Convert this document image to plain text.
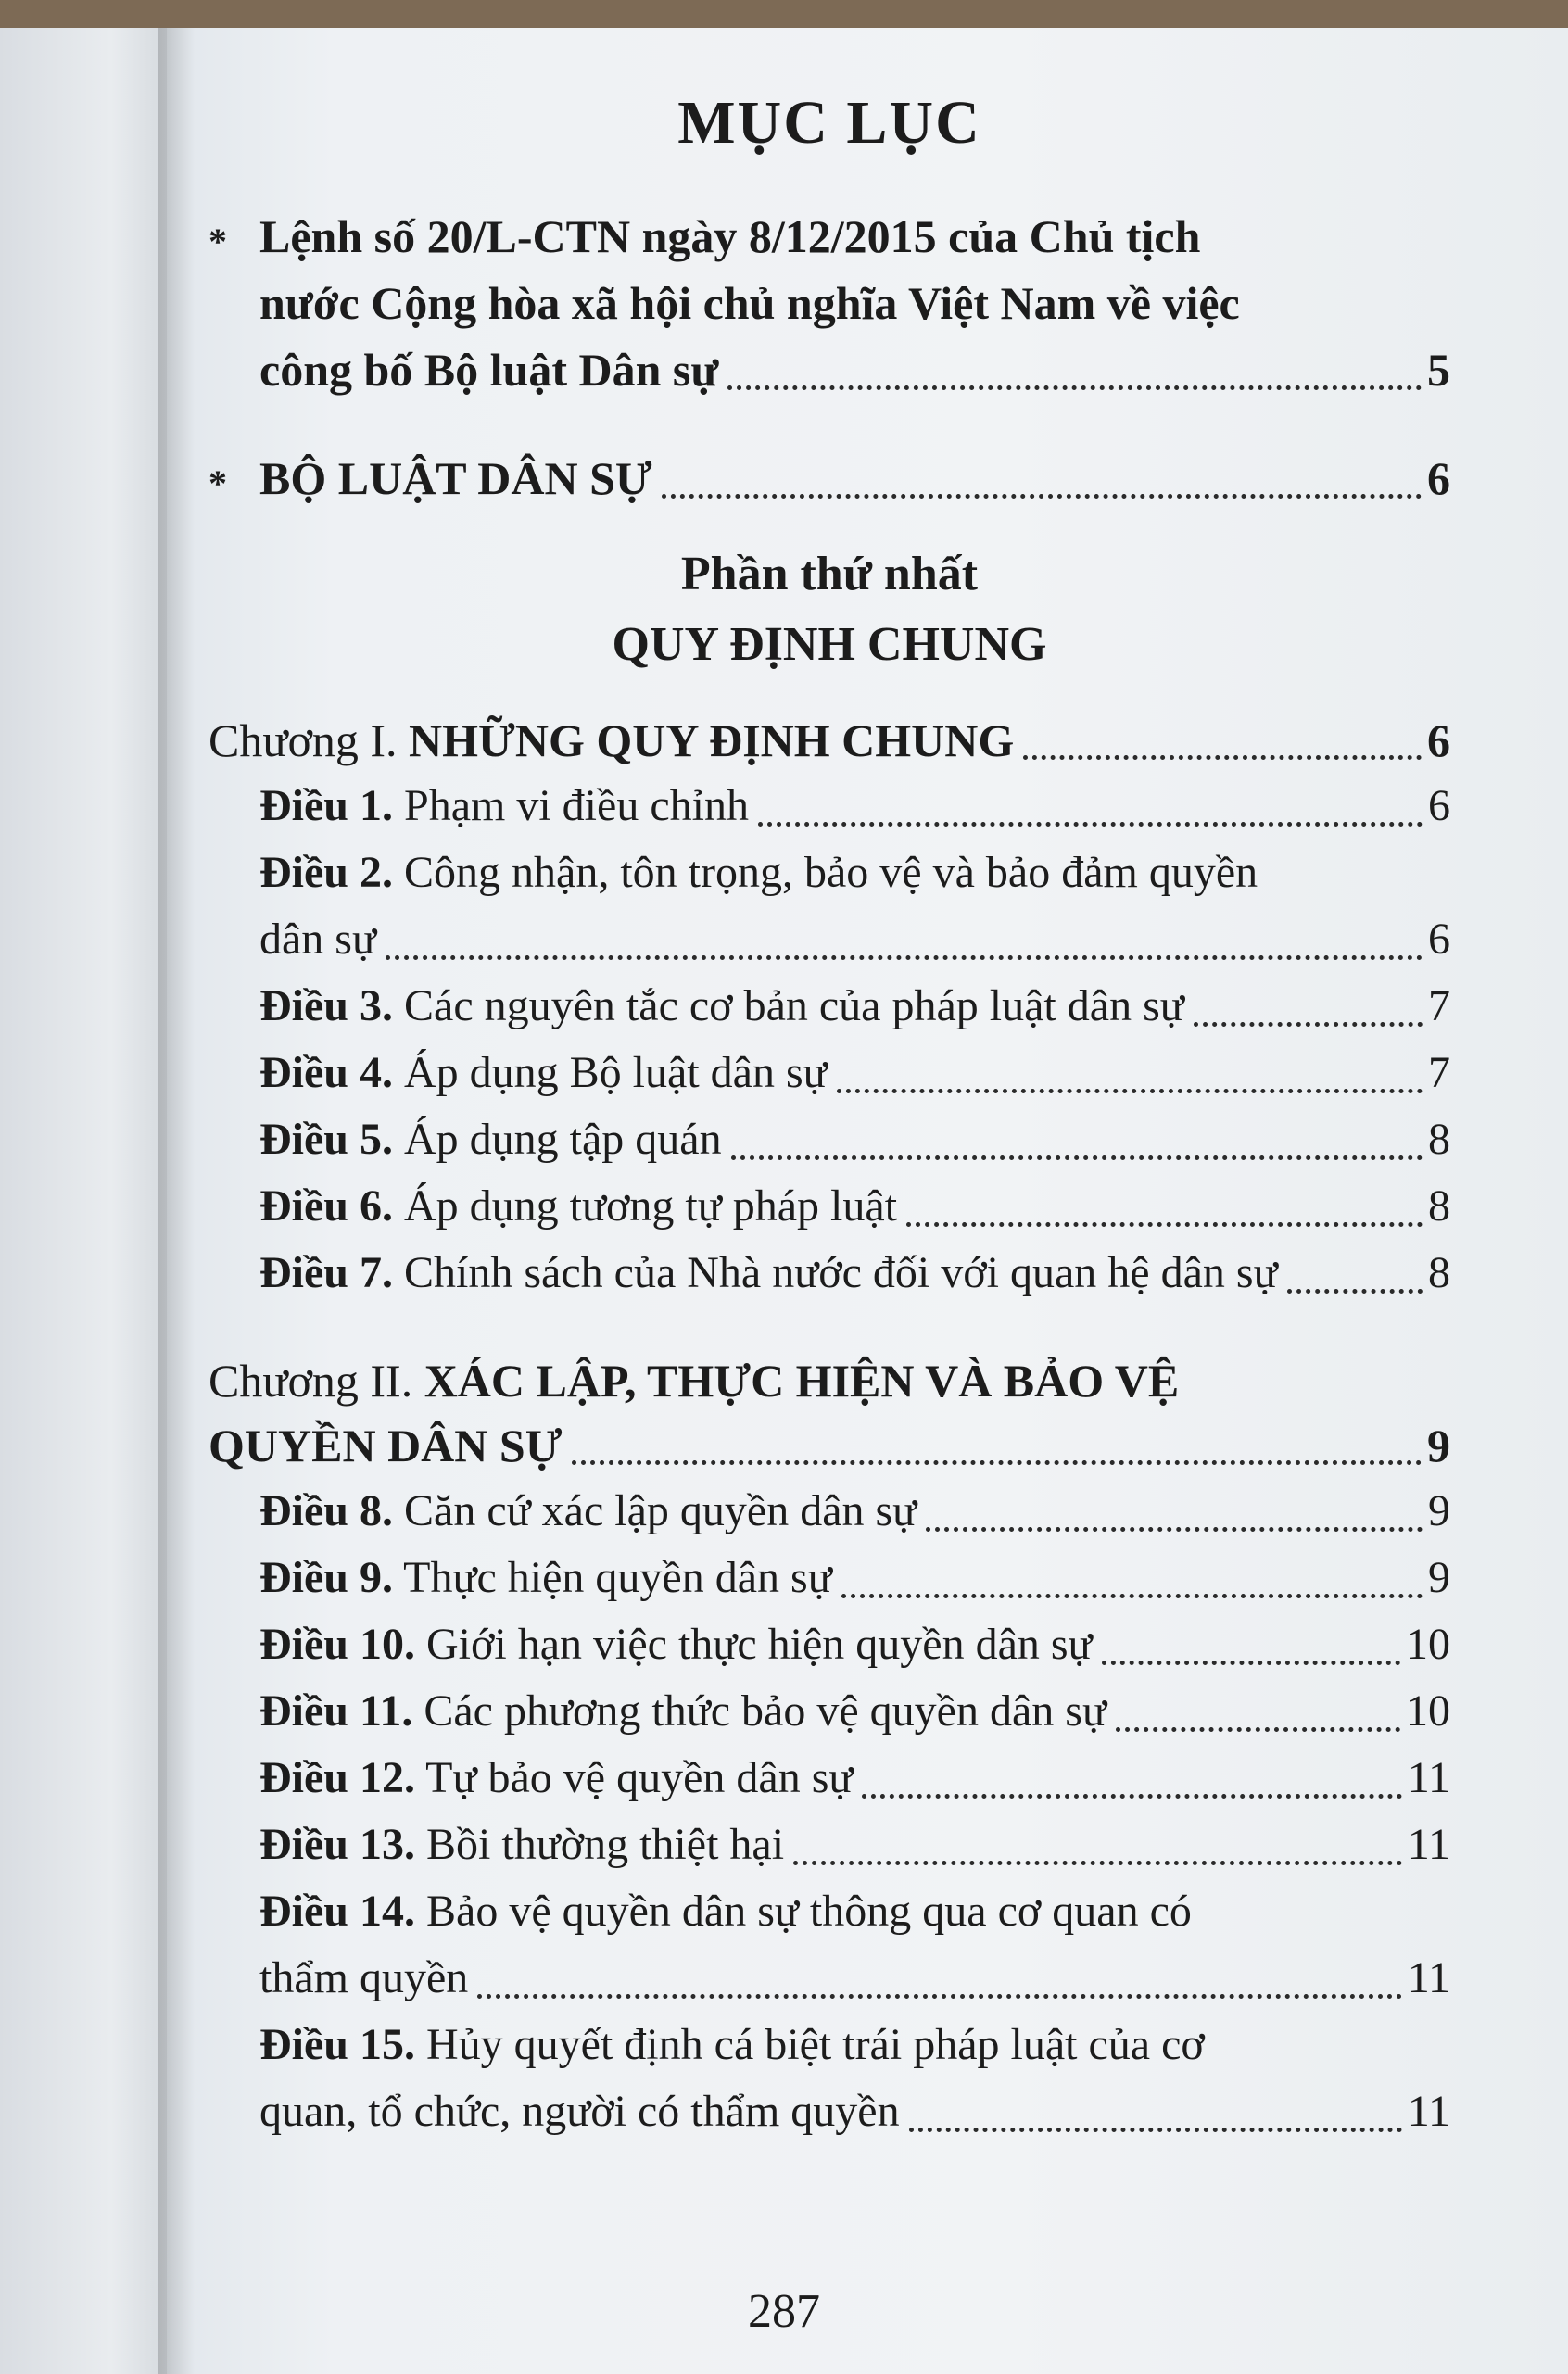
MỤC LỤC
* Lệnh số 20/L-CTN ngày 8/12/2015 của Chủ tịch
nước Cộng hòa xã hội chủ nghĩa Việt Nam về việc
công bố Bộ luật Dân sự	5
* BỘ LUẬT DÂN SỰ	6
Phần thứ nhất
QUY ĐỊNH CHUNG
Chương I. NHỮNG QUY ĐỊNH CHUNG	6
Điều 1. Phạm vi điều chỉnh	6
Điều 2. Công nhận, tôn trọng, bảo vệ và bảo đảm quyền
dân sự	6
Điều 3. Các nguyên tắc cơ bản của pháp luật dân sự	7
Điều 4. Áp dụng Bộ luật dân sự	7
Điều 5. Áp dụng tập quán	8
Điều 6. Áp dụng tương tự pháp luật	8
Điều 7. Chính sách của Nhà nước đối với quan hệ dân sự	8
Chương II. XÁC LẬP, THỰC HIỆN VÀ BẢO VỆ
QUYỀN DÂN SỰ	9
Điều 8. Căn cứ xác lập quyền dân sự	9
Điều 9. Thực hiện quyền dân sự	9
Điều 10. Giới hạn việc thực hiện quyền dân sự	10
Điều 11. Các phương thức bảo vệ quyền dân sự	10
Điều 12. Tự bảo vệ quyền dân sự	11
Điều 13. Bồi thường thiệt hại	11
Điều 14. Bảo vệ quyền dân sự thông qua cơ quan có
thẩm quyền	11
Điều 15. Hủy quyết định cá biệt trái pháp luật của cơ
quan, tổ chức, người có thẩm quyền	11
287
